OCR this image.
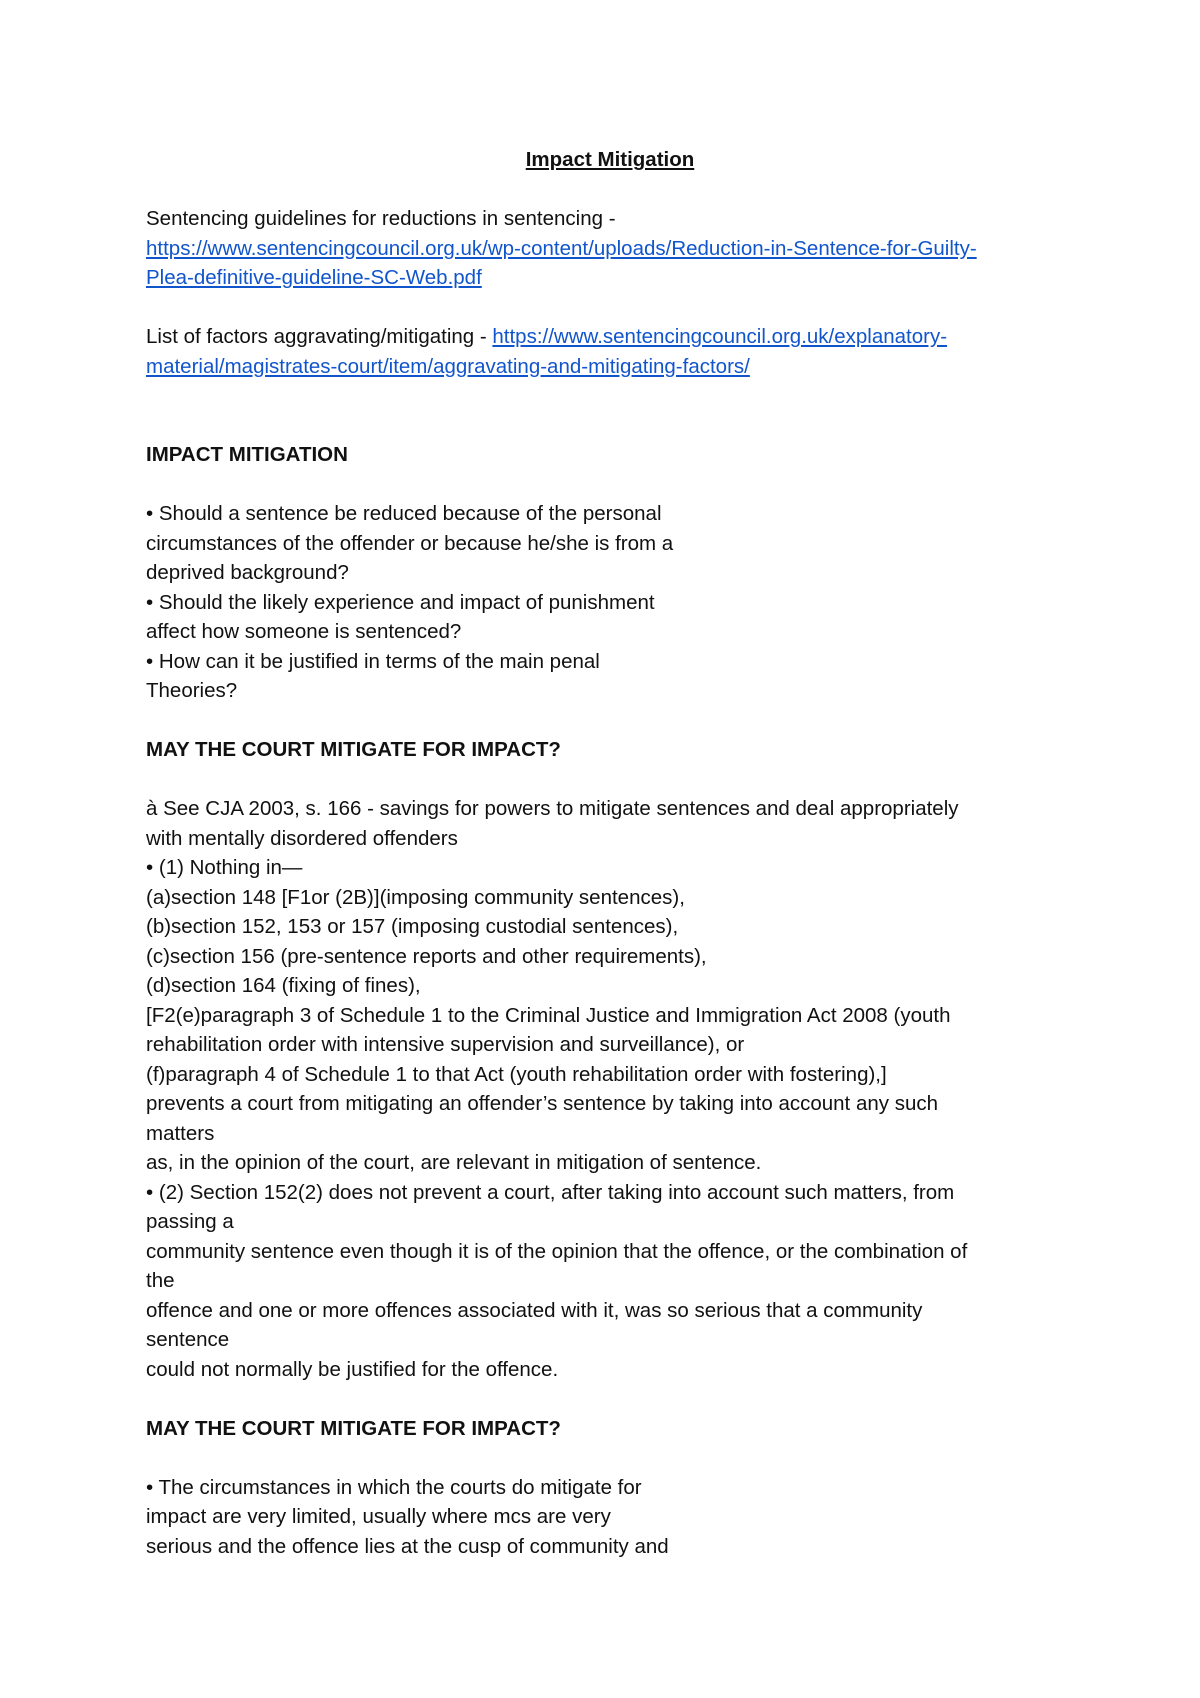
Impact Mitigation
Sentencing guidelines for reductions in sentencing -
https://www.sentencingcouncil.org.uk/wp-content/uploads/Reduction-in-Sentence-for-Guilty-
Plea-definitive-guideline-SC-Web.pdf
List of factors aggravating/mitigating - https://www.sentencingcouncil.org.uk/explanatory-
material/magistrates-court/item/aggravating-and-mitigating-factors/
IMPACT MITIGATION
• Should a sentence be reduced because of the personal
circumstances of the offender or because he/she is from a
deprived background?
• Should the likely experience and impact of punishment
affect how someone is sentenced?
• How can it be justified in terms of the main penal
Theories?
MAY THE COURT MITIGATE FOR IMPACT?
à See CJA 2003, s. 166 - savings for powers to mitigate sentences and deal appropriately
with mentally disordered offenders
• (1) Nothing in—
(a)section 148 [F1or (2B)](imposing community sentences),
(b)section 152, 153 or 157 (imposing custodial sentences),
(c)section 156 (pre-sentence reports and other requirements),
(d)section 164 (fixing of fines),
[F2(e)paragraph 3 of Schedule 1 to the Criminal Justice and Immigration Act 2008 (youth
rehabilitation order with intensive supervision and surveillance), or
(f)paragraph 4 of Schedule 1 to that Act (youth rehabilitation order with fostering),]
prevents a court from mitigating an offender’s sentence by taking into account any such
matters
as, in the opinion of the court, are relevant in mitigation of sentence.
• (2) Section 152(2) does not prevent a court, after taking into account such matters, from
passing a
community sentence even though it is of the opinion that the offence, or the combination of
the
offence and one or more offences associated with it, was so serious that a community
sentence
could not normally be justified for the offence.
MAY THE COURT MITIGATE FOR IMPACT?
• The circumstances in which the courts do mitigate for
impact are very limited, usually where mcs are very
serious and the offence lies at the cusp of community and
